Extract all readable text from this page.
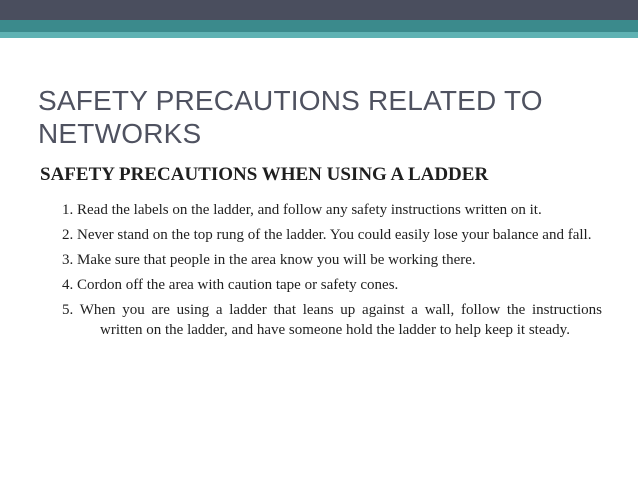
SAFETY PRECAUTIONS RELATED TO NETWORKS
SAFETY PRECAUTIONS WHEN USING A LADDER
1. Read the labels on the ladder, and follow any safety instructions written on it.
2. Never stand on the top rung of the ladder. You could easily lose your balance and fall.
3. Make sure that people in the area know you will be working there.
4. Cordon off the area with caution tape or safety cones.
5. When you are using a ladder that leans up against a wall, follow the instructions written on the ladder, and have someone hold the ladder to help keep it steady.
